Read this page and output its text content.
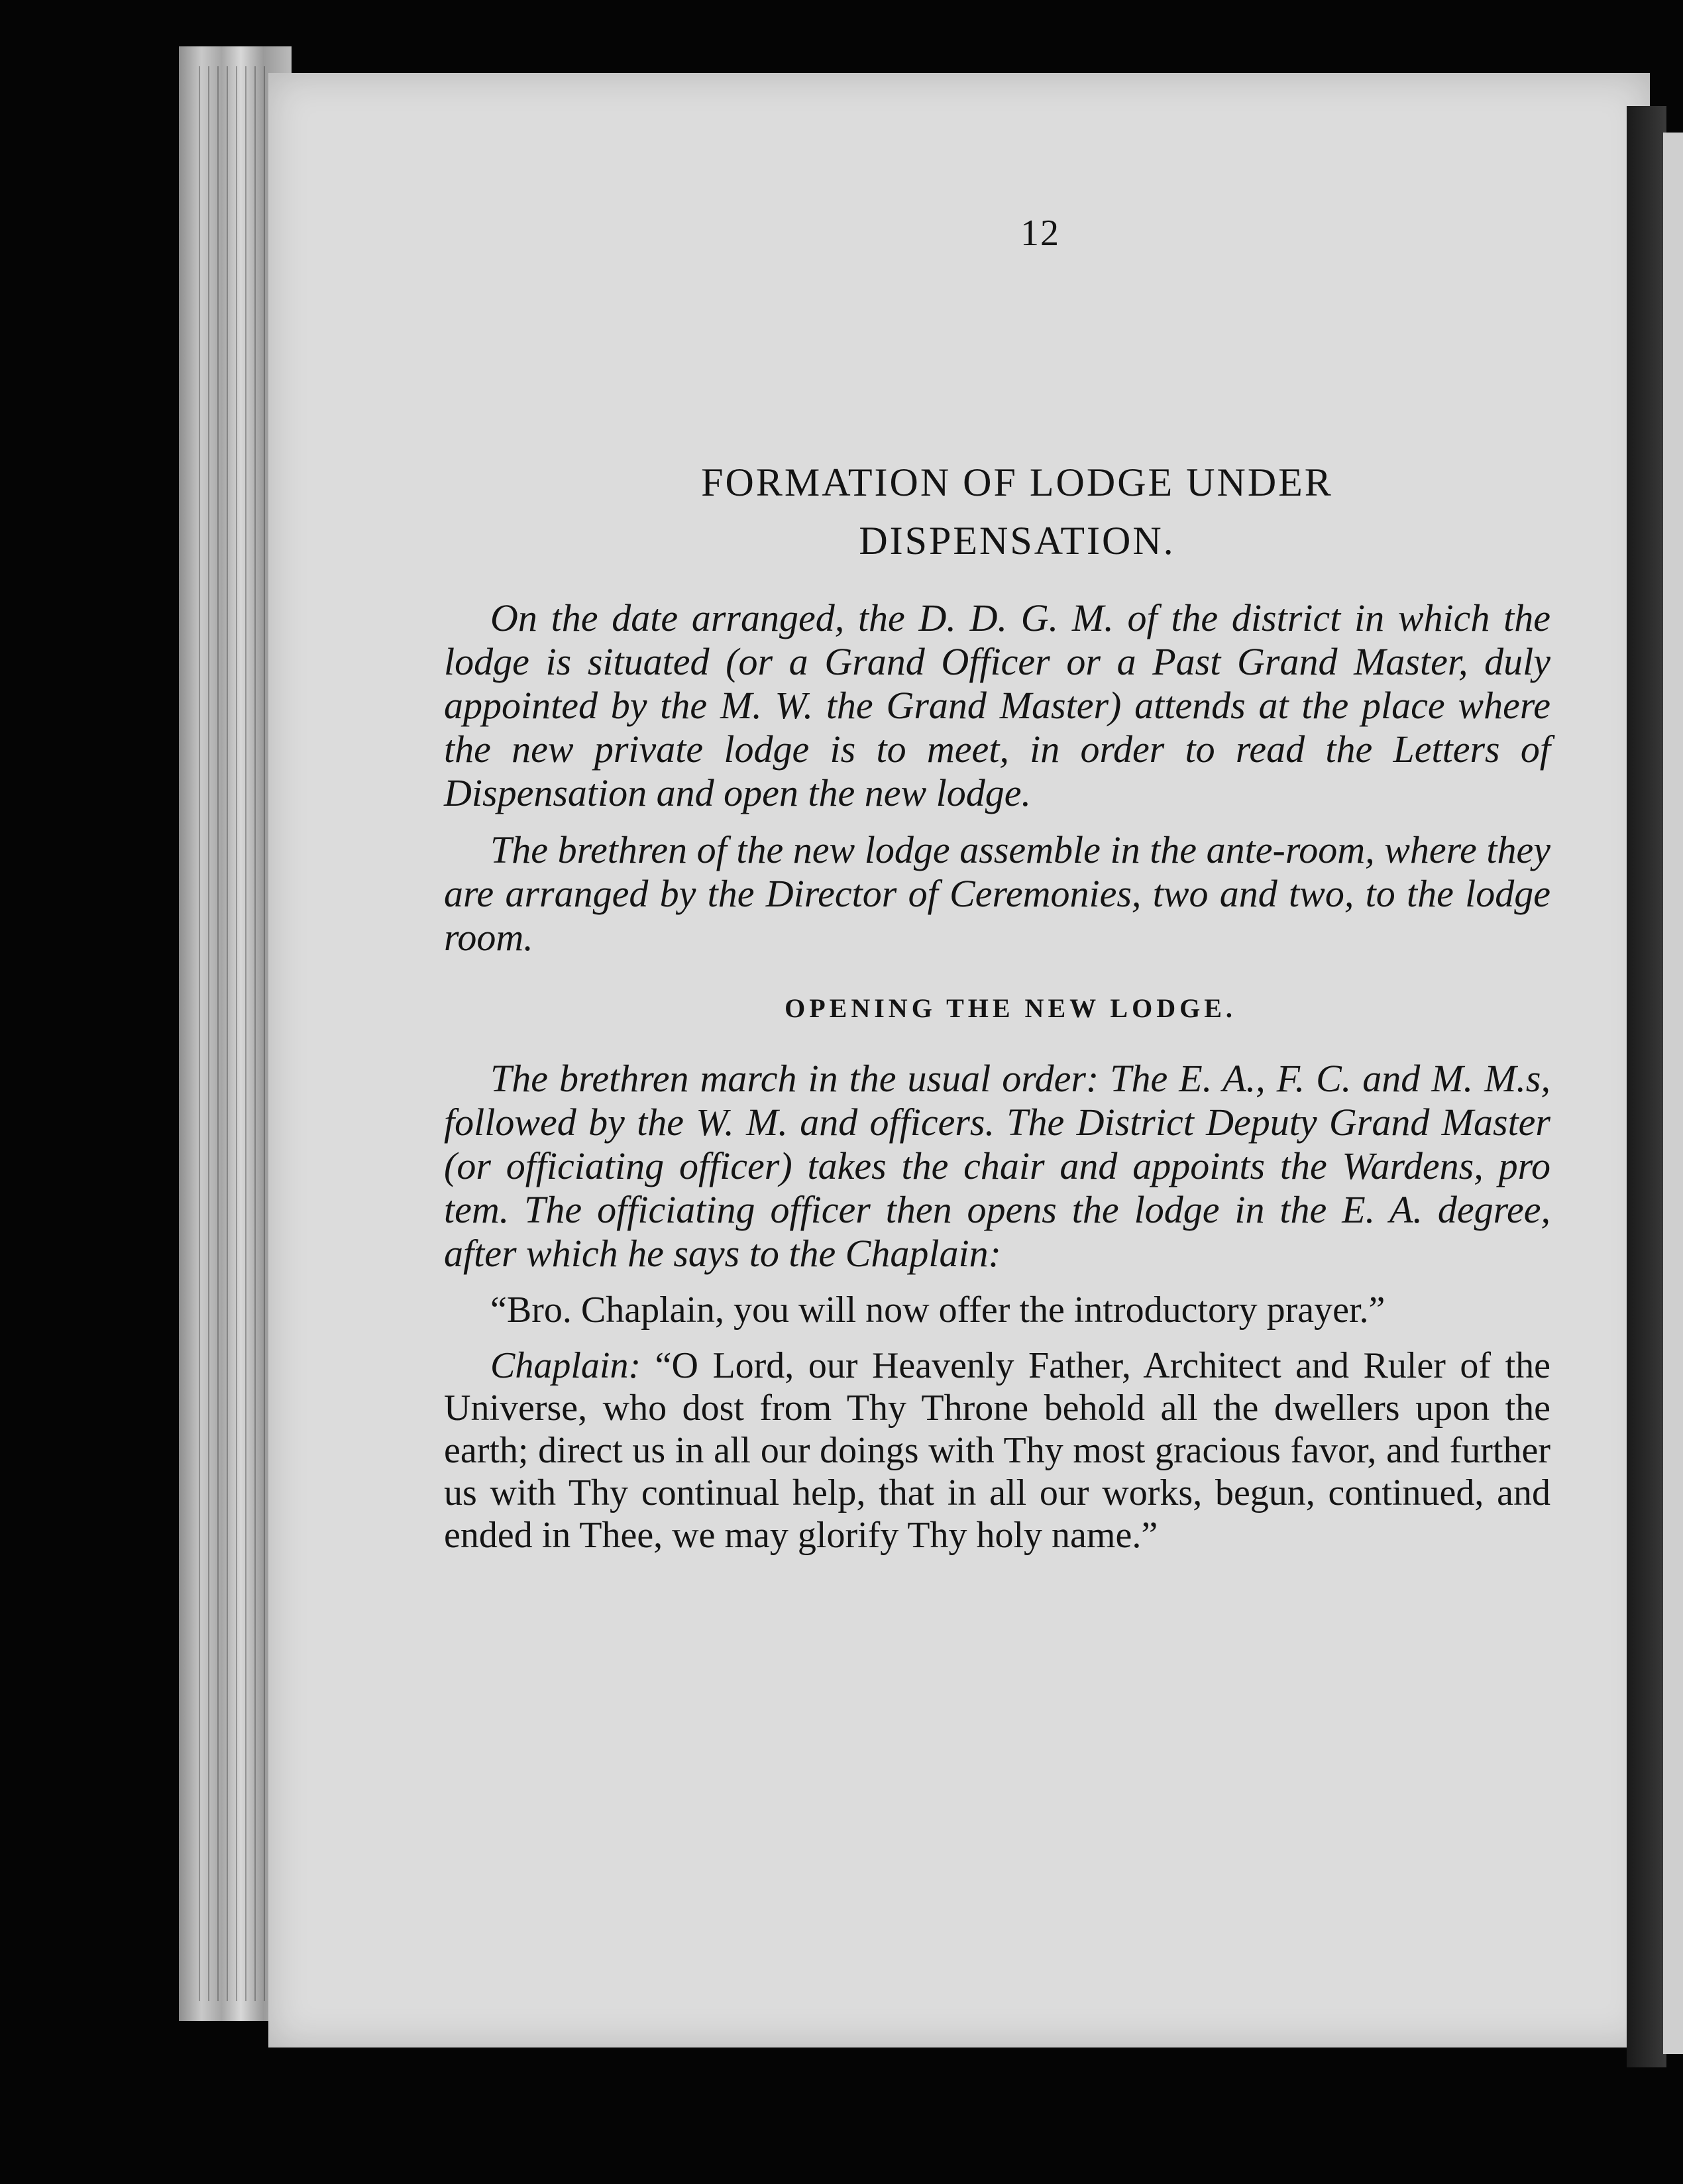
12
FORMATION OF LODGE UNDER
DISPENSATION.

On the date arranged, the D. D. G. M. of the district in which the lodge is situated (or a Grand Officer or a Past Grand Master, duly appointed by the M. W. the Grand Master) attends at the place where the new private lodge is to meet, in order to read the Letters of Dispensation and open the new lodge.

The brethren of the new lodge assemble in the ante-room, where they are arranged by the Director of Ceremonies, two and two, to the lodge room.

OPENING THE NEW LODGE.

The brethren march in the usual order: The E. A., F. C. and M. M.s, followed by the W. M. and officers. The District Deputy Grand Master (or officiating officer) takes the chair and appoints the Wardens, pro tem. The officiating officer then opens the lodge in the E. A. degree, after which he says to the Chaplain:

“Bro. Chaplain, you will now offer the introductory prayer.”

Chaplain: “O Lord, our Heavenly Father, Architect and Ruler of the Universe, who dost from Thy Throne behold all the dwellers upon the earth; direct us in all our doings with Thy most gracious favor, and further us with Thy continual help, that in all our works, begun, continued, and ended in Thee, we may glorify Thy holy name.”
